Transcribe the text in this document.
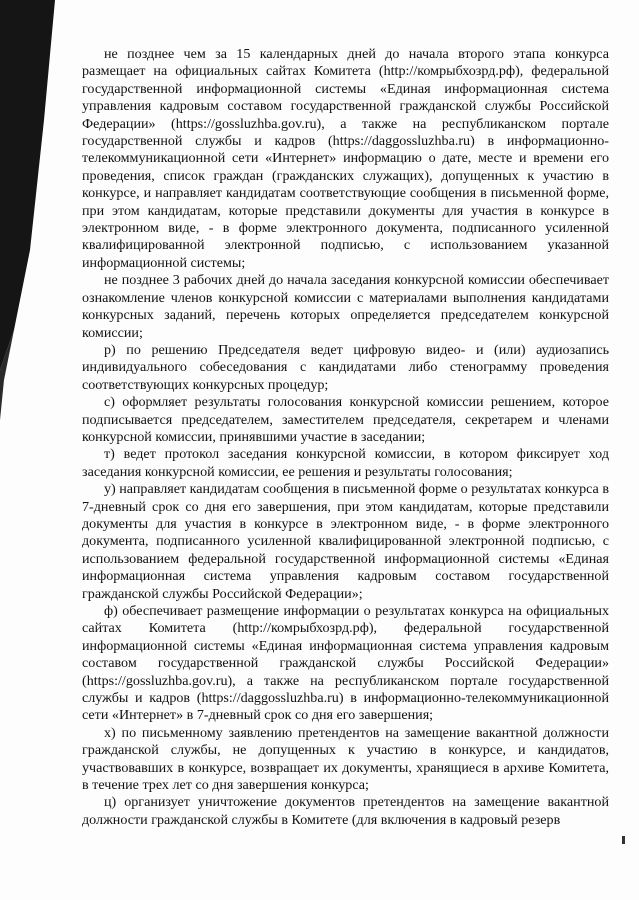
не позднее чем за 15 календарных дней до начала второго этапа конкурса размещает на официальных сайтах Комитета (http://комрыбхозрд.рф), федеральной государственной информационной системы «Единая информационная система управления кадровым составом государственной гражданской службы Российской Федерации» (https://gossluzhba.gov.ru), а также на республиканском портале государственной службы и кадров (https://daggossluzhba.ru) в информационно-телекоммуникационной сети «Интернет» информацию о дате, месте и времени его проведения, список граждан (гражданских служащих), допущенных к участию в конкурсе, и направляет кандидатам соответствующие сообщения в письменной форме, при этом кандидатам, которые представили документы для участия в конкурсе в электронном виде, - в форме электронного документа, подписанного усиленной квалифицированной электронной подписью, с использованием указанной информационной системы;

не позднее 3 рабочих дней до начала заседания конкурсной комиссии обеспечивает ознакомление членов конкурсной комиссии с материалами выполнения кандидатами конкурсных заданий, перечень которых определяется председателем конкурсной комиссии;

р) по решению Председателя ведет цифровую видео- и (или) аудиозапись индивидуального собеседования с кандидатами либо стенограмму проведения соответствующих конкурсных процедур;

с) оформляет результаты голосования конкурсной комиссии решением, которое подписывается председателем, заместителем председателя, секретарем и членами конкурсной комиссии, принявшими участие в заседании;

т) ведет протокол заседания конкурсной комиссии, в котором фиксирует ход заседания конкурсной комиссии, ее решения и результаты голосования;

у) направляет кандидатам сообщения в письменной форме о результатах конкурса в 7-дневный срок со дня его завершения, при этом кандидатам, которые представили документы для участия в конкурсе в электронном виде, - в форме электронного документа, подписанного усиленной квалифицированной электронной подписью, с использованием федеральной государственной информационной системы «Единая информационная система управления кадровым составом государственной гражданской службы Российской Федерации»;

ф) обеспечивает размещение информации о результатах конкурса на официальных сайтах Комитета (http://комрыбхозрд.рф), федеральной государственной информационной системы «Единая информационная система управления кадровым составом государственной гражданской службы Российской Федерации» (https://gossluzhba.gov.ru), а также на республиканском портале государственной службы и кадров (https://daggossluzhba.ru) в информационно-телекоммуникационной сети «Интернет» в 7-дневный срок со дня его завершения;

х) по письменному заявлению претендентов на замещение вакантной должности гражданской службы, не допущенных к участию в конкурсе, и кандидатов, участвовавших в конкурсе, возвращает их документы, хранящиеся в архиве Комитета, в течение трех лет со дня завершения конкурса;

ц) организует уничтожение документов претендентов на замещение вакантной должности гражданской службы в Комитете (для включения в кадровый резерв
